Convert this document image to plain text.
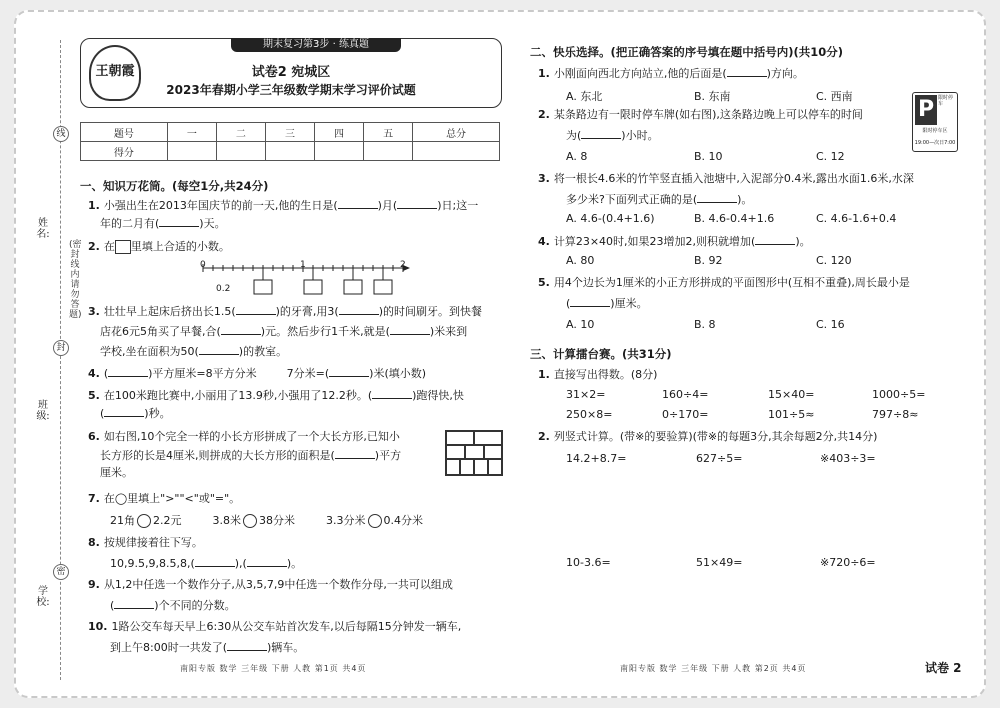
姓名:
班级:
学校:
线
封
密
(密封线内请勿答题)
期末复习第3步 · 练真题
王朝霞	试卷2 宛城区
2023年春期小学三年级数学期末学习评价试题
题号	一	二	三	四	五	总分
得分						
一、知识万花筒。(每空1分,共24分)
1. 小强出生在2013年国庆节的前一天,他的生日是(	)月(	)日;这一
年的二月有(	)天。
2. 在 里填上合适的小数。
0
0.2
1	2
3. 壮壮早上起床后挤出长1.5(	)的牙膏,用3(	)的时间刷牙。到快餐
店花6元5角买了早餐,合(	)元。然后步行1千米,就是(	)米来到
学校,坐在面积为50(	)的教室。
4. (	)平方厘米=8平方分米	7分米=(	)米(填小数)
5. 在100米跑比赛中,小丽用了13.9秒,小强用了12.2秒。(	)跑得快,快
(	)秒。
6. 如右图,10个完全一样的小长方形拼成了一个大长方形,已知小
长方形的长是4厘米,则拼成的大长方形的面积是(	)平方
厘米。
7. 在◯里填上">""<"或"="。
21角 2.2元	3.8米 38分米	3.3分米 0.4分米
8. 按规律接着往下写。
10,9.5,9,8.5,8,(	),(	)。
9. 从1,2中任选一个数作分子,从3,5,7,9中任选一个数作分母,一共可以组成
(	)个不同的分数。
10. 1路公交车每天早上6:30从公交车站首次发车,以后每隔15分钟发一辆车,
到上午8:00时一共发了(	)辆车。
南阳专版 数学 三年级 下册 人教 第1页 共4页
二、快乐选择。(把正确答案的序号填在题中括号内)(共10分)
1. 小刚面向西北方向站立,他的后面是(	)方向。
A. 东北	B. 东南	C. 西南
2. 某条路边有一限时停车牌(如右图),这条路边晚上可以停车的时间
为(	)小时。
A. 8	B. 10	C. 12
P 限时停车
限时停车区
19:00—次日7:00
3. 将一根长4.6米的竹竿竖直插入池塘中,入泥部分0.4米,露出水面1.6米,水深
多少米?下面列式正确的是(	)。
A. 4.6-(0.4+1.6)	B. 4.6-0.4+1.6	C. 4.6-1.6+0.4
4. 计算23×40时,如果23增加2,则积就增加(	)。
A. 80	B. 92	C. 120
5. 用4个边长为1厘米的小正方形拼成的平面图形中(互相不重叠),周长最小是
(	)厘米。
A. 10	B. 8	C. 16
三、计算擂台赛。(共31分)
1. 直接写出得数。(8分)
31×2=	160÷4=	15×40=	1000÷5=
250×8=	0÷170=	101÷5≈	797÷8≈
2. 列竖式计算。(带※的要验算)(带※的每题3分,其余每题2分,共14分)
14.2+8.7=	627÷5=	※403÷3=
10-3.6=	51×49=	※720÷6=
南阳专版 数学 三年级 下册 人教 第2页 共4页	试卷 2
